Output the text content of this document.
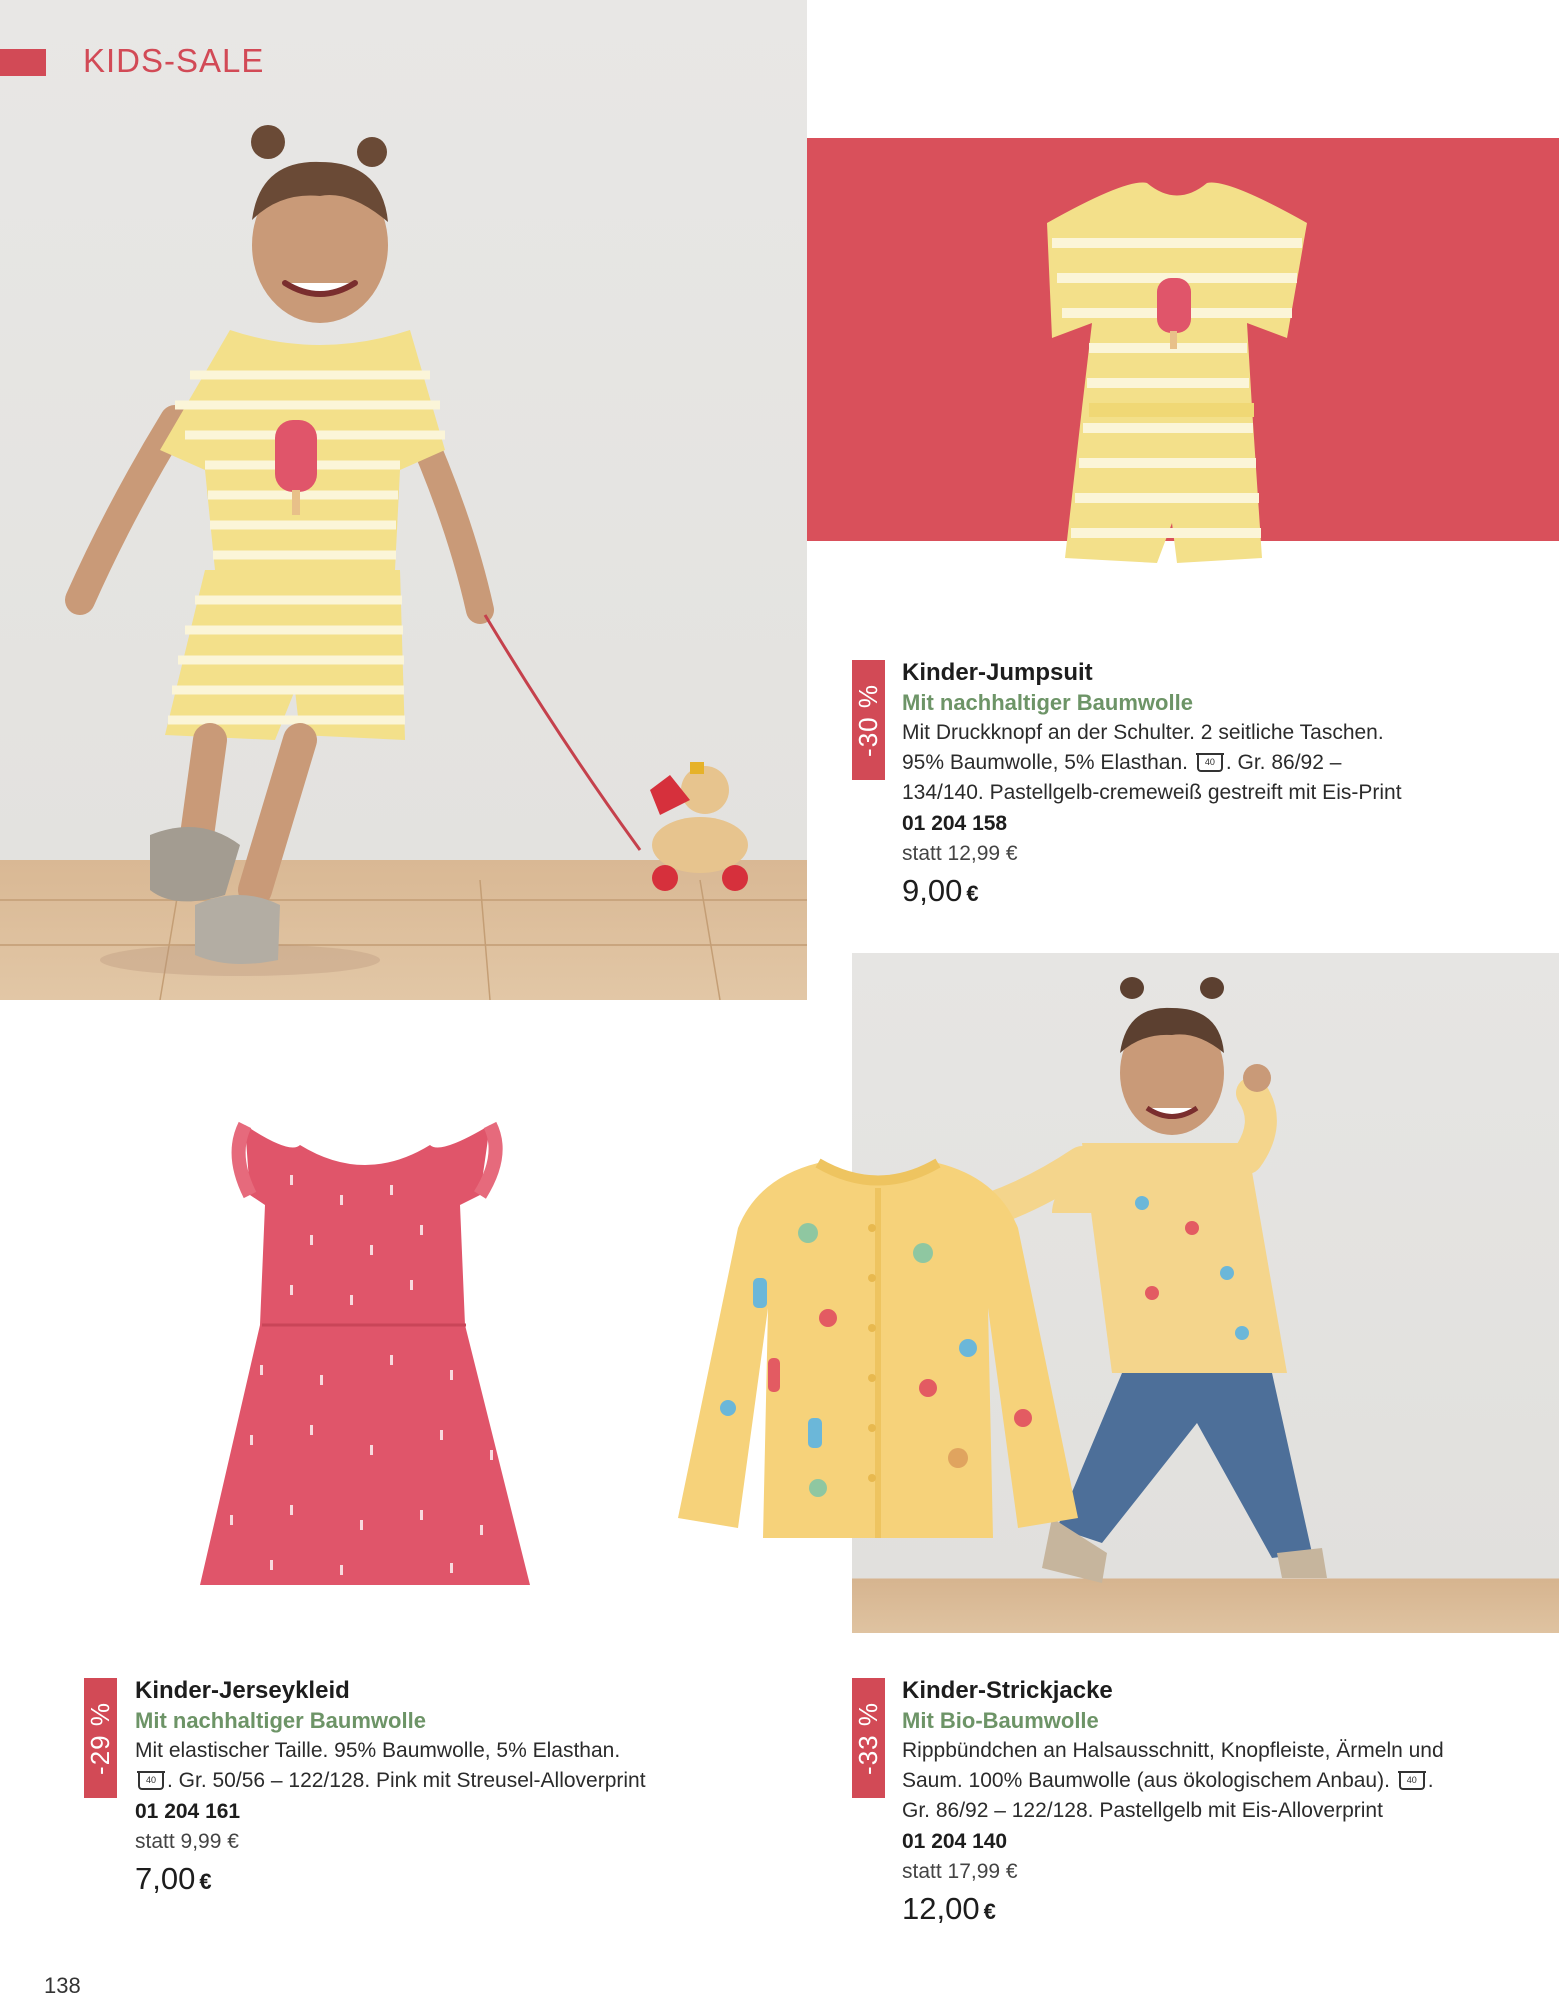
KIDS-SALE
-30 %
Kinder-Jumpsuit
Mit nachhaltiger Baumwolle
Mit Druckknopf an der Schulter. 2 seitliche Taschen.
95% Baumwolle, 5% Elasthan. 40 . Gr. 86/92 –
134/140. Pastellgelb-cremeweiß gestreift mit Eis-Print
01 204 158
statt 12,99 €
9,00 €
-29 %
Kinder-Jerseykleid
Mit nachhaltiger Baumwolle
Mit elastischer Taille. 95% Baumwolle, 5% Elasthan.
40 . Gr. 50/56 – 122/128. Pink mit Streusel-Alloverprint
01 204 161
statt 9,99 €
7,00 €
-33 %
Kinder-Strickjacke
Mit Bio-Baumwolle
Rippbündchen an Halsausschnitt, Knopfleiste, Ärmeln und
Saum. 100% Baumwolle (aus ökologischem Anbau). 40 .
Gr. 86/92 – 122/128. Pastellgelb mit Eis-Alloverprint
01 204 140
statt 17,99 €
12,00 €
138
